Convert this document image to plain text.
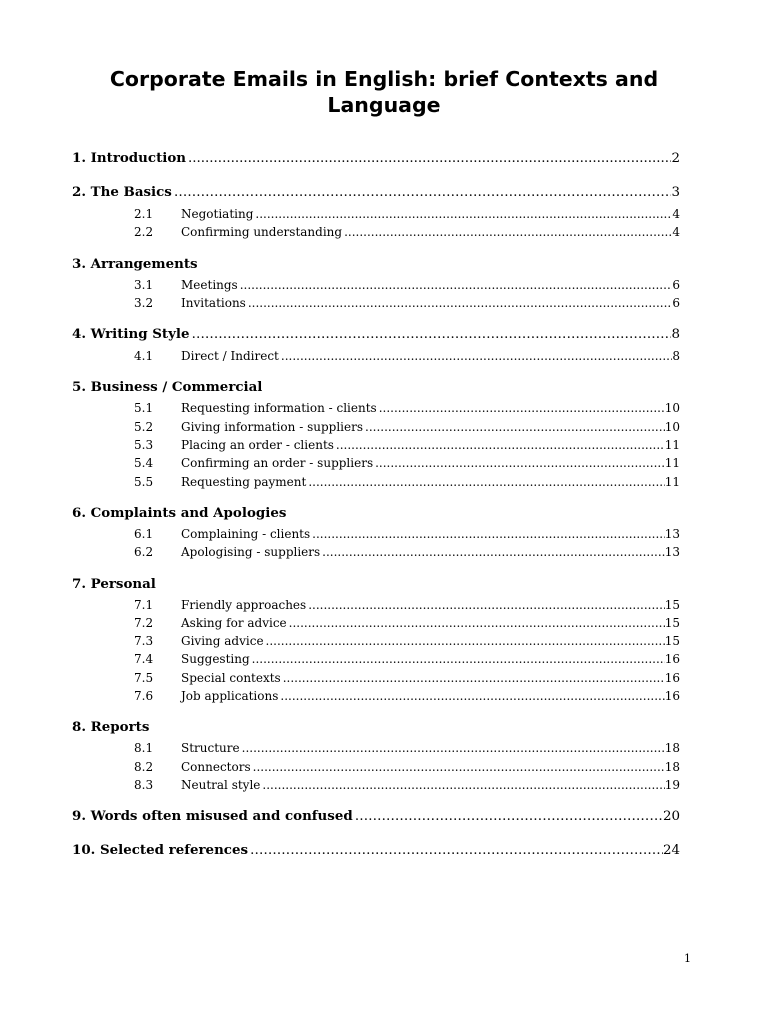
Corporate Emails in English: brief Contexts and Language
1. Introduction .....	2
2. The Basics …………………………………………………………………………………………………………………………………………………………………………………………………………………………………………………………………………………	3
2.1	Negotiating .....	4
2.2	Confirming understanding .....	4
3. Arrangements
3.1	Meetings .....	6
3.2	Invitations .....	6
4. Writing Style …………………………………………………………………………………………………………………………………………………………………………………………………………………………………………………………………………………	8
4.1	Direct / Indirect .....	8
5. Business / Commercial
5.1	Requesting information - clients .....	10
5.2	Giving information - suppliers .....	10
5.3	Placing an order - clients .....	11
5.4	Confirming an order - suppliers .....	11
5.5	Requesting payment .....	11
6. Complaints and Apologies
6.1	Complaining - clients .....	13
6.2	Apologising - suppliers .....	13
7. Personal
7.1	Friendly approaches .....	15
7.2	Asking for advice .....	15
7.3	Giving advice .....	15
7.4	Suggesting .....	16
7.5	Special contexts .....	16
7.6	Job applications .....	16
8. Reports
8.1	Structure .....	18
8.2	Connectors .....	18
8.3	Neutral style .....	19
9. Words often misused and confused …………………………………………………………………………………………………………………………………………………………………………………………………………………………………………………………………………………	20
10. Selected references …………………………………………………………………………………………………………………………………………………………………………………………………………………………………………………………………………………	24
1
